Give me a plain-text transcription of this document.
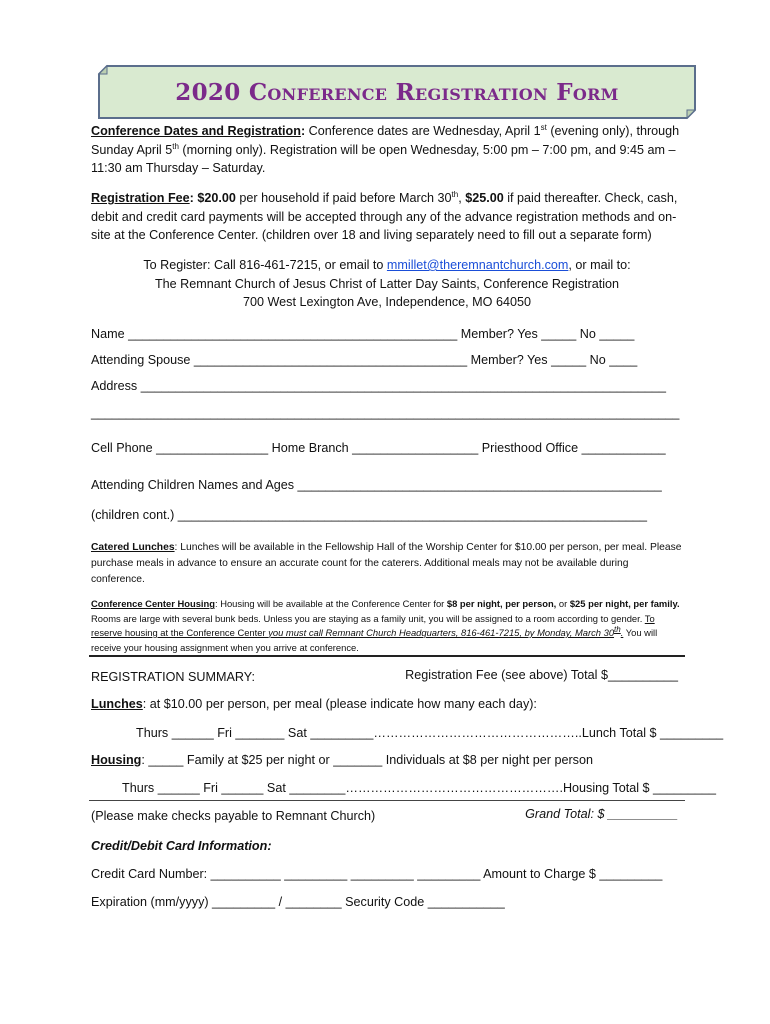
2020 Conference Registration Form
Conference Dates and Registration: Conference dates are Wednesday, April 1st (evening only), through Sunday April 5th (morning only). Registration will be open Wednesday, 5:00 pm – 7:00 pm, and 9:45 am – 11:30 am Thursday – Saturday.
Registration Fee: $20.00 per household if paid before March 30th, $25.00 if paid thereafter. Check, cash, debit and credit card payments will be accepted through any of the advance registration methods and on-site at the Conference Center. (children over 18 and living separately need to fill out a separate form)
To Register: Call 816-461-7215, or email to mmillet@theremnantchurch.com, or mail to:
The Remnant Church of Jesus Christ of Latter Day Saints, Conference Registration
700 West Lexington Ave, Independence, MO 64050
Name _______________________________________________ Member? Yes _____ No _____
Attending Spouse _______________________________________ Member? Yes _____ No ____
Address ___________________________________________________________________________
____________________________________________________________________________________
Cell Phone ________________ Home Branch __________________ Priesthood Office ____________
Attending Children Names and Ages ____________________________________________________
(children cont.) ___________________________________________________________________
Catered Lunches: Lunches will be available in the Fellowship Hall of the Worship Center for $10.00 per person, per meal. Please purchase meals in advance to ensure an accurate count for the caterers. Additional meals may not be available during conference.
Conference Center Housing: Housing will be available at the Conference Center for $8 per night, per person, or $25 per night, per family. Rooms are large with several bunk beds. Unless you are staying as a family unit, you will be assigned to a room according to gender. To reserve housing at the Conference Center you must call Remnant Church Headquarters, 816-461-7215, by Monday, March 30th. You will receive your housing assignment when you arrive at conference.
REGISTRATION SUMMARY:	Registration Fee (see above) Total $__________
Lunches: at $10.00 per person, per meal (please indicate how many each day):
Thurs ______ Fri _______ Sat _________…………………………………………..Lunch Total $ _________
Housing: _____ Family at $25 per night or _______ Individuals at $8 per night per person
Thurs ______ Fri ______ Sat ________…………………………………………….Housing Total $ _________
(Please make checks payable to Remnant Church)	Grand Total: $ __________
Credit/Debit Card Information:
Credit Card Number: __________ _________ _________ _________ Amount to Charge $ _________
Expiration (mm/yyyy) _________ / ________ Security Code ___________
